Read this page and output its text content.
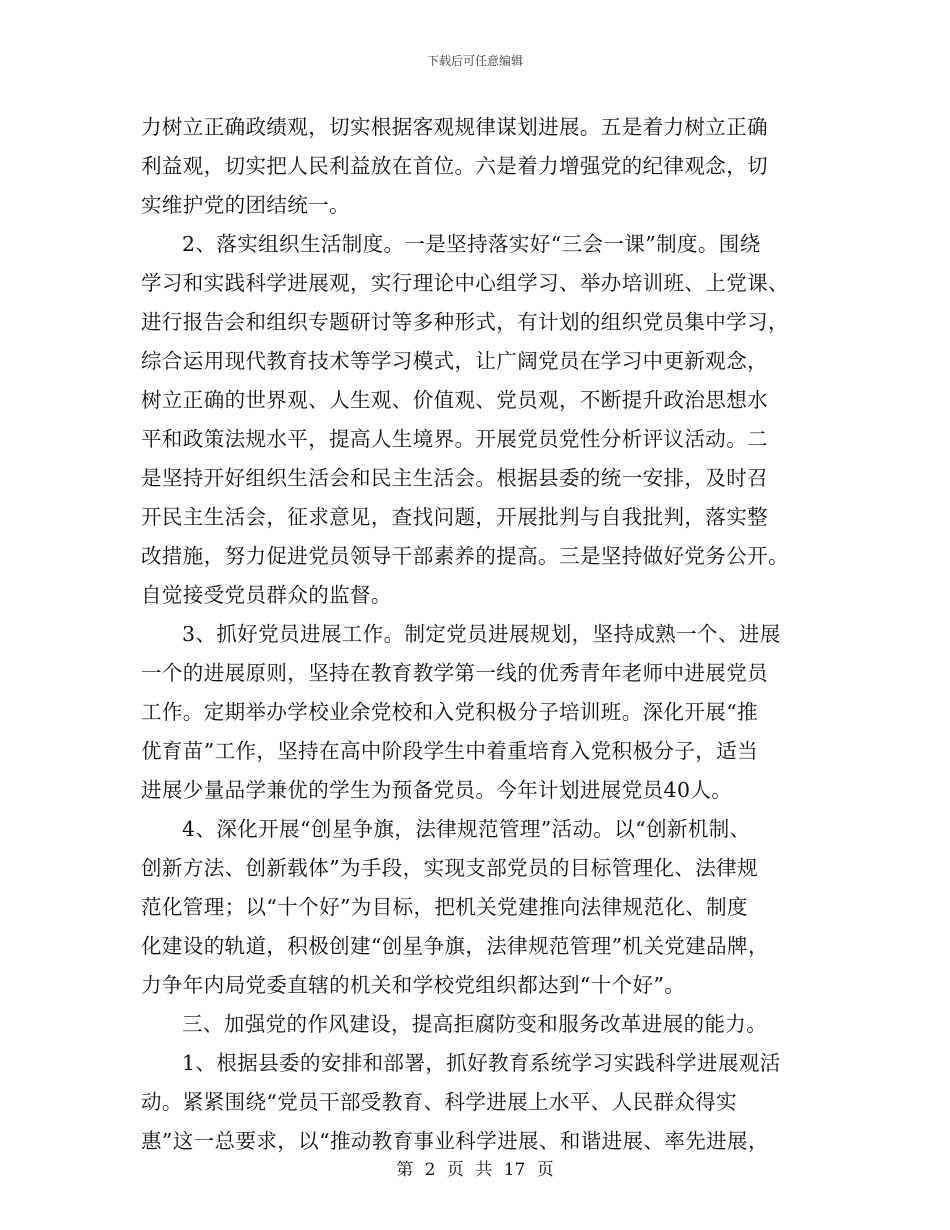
下载后可任意编辑
力树立正确政绩观，切实根据客观规律谋划进展。五是着力树立正确
利益观，切实把人民利益放在首位。六是着力增强党的纪律观念，切
实维护党的团结统一。
2、落实组织生活制度。一是坚持落实好“三会一课”制度。围绕
学习和实践科学进展观，实行理论中心组学习、举办培训班、上党课、
进行报告会和组织专题研讨等多种形式，有计划的组织党员集中学习，
综合运用现代教育技术等学习模式，让广阔党员在学习中更新观念，
树立正确的世界观、人生观、价值观、党员观，不断提升政治思想水
平和政策法规水平，提高人生境界。开展党员党性分析评议活动。二
是坚持开好组织生活会和民主生活会。根据县委的统一安排，及时召
开民主生活会，征求意见，查找问题，开展批判与自我批判，落实整
改措施，努力促进党员领导干部素养的提高。三是坚持做好党务公开。
自觉接受党员群众的监督。
3、抓好党员进展工作。制定党员进展规划，坚持成熟一个、进展
一个的进展原则，坚持在教育教学第一线的优秀青年老师中进展党员
工作。定期举办学校业余党校和入党积极分子培训班。深化开展“推
优育苗”工作，坚持在高中阶段学生中着重培育入党积极分子，适当
进展少量品学兼优的学生为预备党员。今年计划进展党员40人。
4、深化开展“创星争旗，法律规范管理”活动。以“创新机制、
创新方法、创新载体”为手段，实现支部党员的目标管理化、法律规
范化管理；以“十个好”为目标，把机关党建推向法律规范化、制度
化建设的轨道，积极创建“创星争旗，法律规范管理”机关党建品牌，
力争年内局党委直辖的机关和学校党组织都达到“十个好”。
三、加强党的作风建设，提高拒腐防变和服务改革进展的能力。
1、根据县委的安排和部署，抓好教育系统学习实践科学进展观活
动。紧紧围绕“党员干部受教育、科学进展上水平、人民群众得实
惠”这一总要求，以“推动教育事业科学进展、和谐进展、率先进展，
第 2 页 共 17 页
